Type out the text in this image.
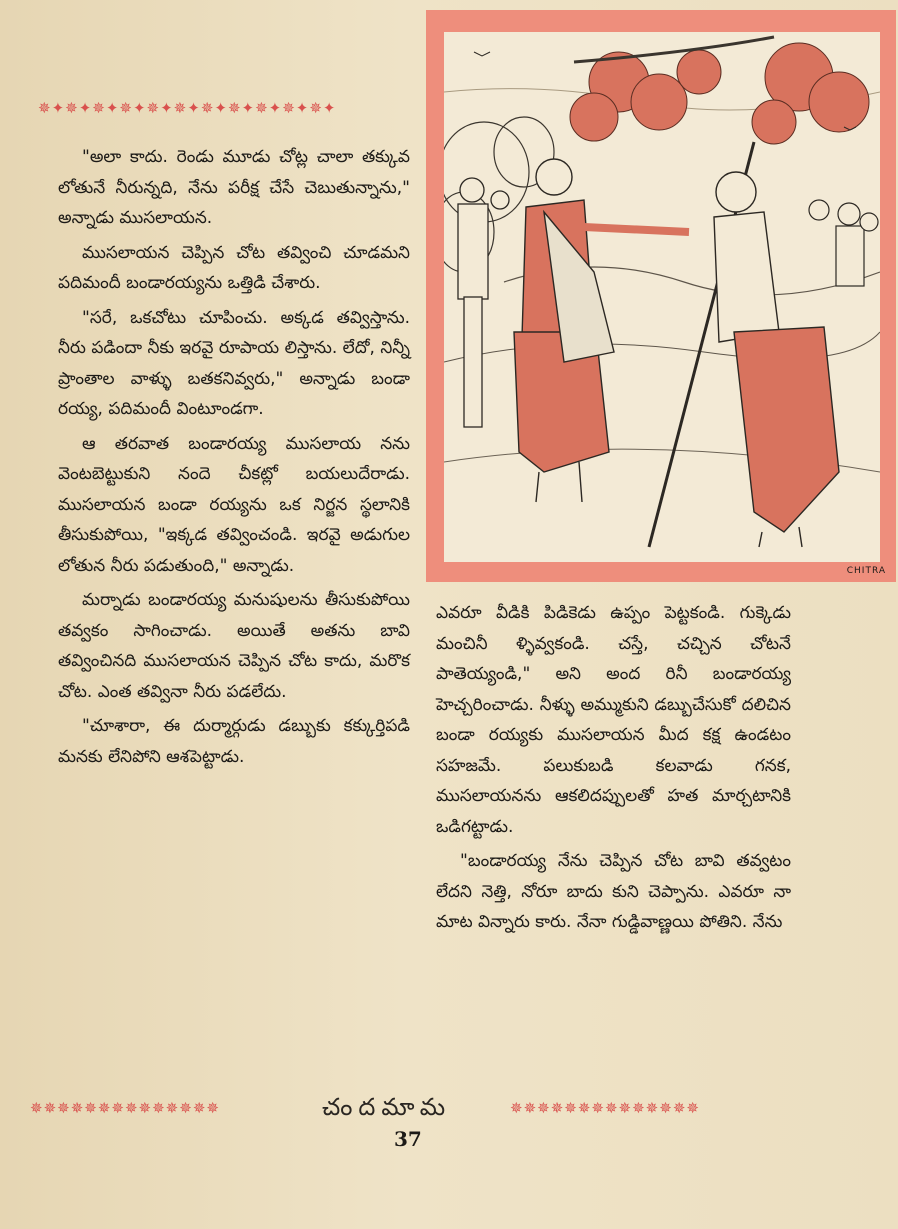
✵✦✵✦✵✦✵✦✵✦✵✦✵✦✵✦✵✦✵✦✵✦

"అలా కాదు. రెండు మూడు చోట్ల చాలా తక్కువ లోతునే నీరున్నది, నేను పరీక్ష చేసే చెబుతున్నాను," అన్నాడు ముసలాయన.

ముసలాయన చెప్పిన చోట తవ్వించి చూడమని పదిమందీ బండారయ్యను ఒత్తిడి చేశారు.

"సరే, ఒకచోటు చూపించు. అక్కడ తవ్విస్తాను. నీరు పడిందా నీకు ఇరవై రూపాయ లిస్తాను. లేదో, నిన్నీ ప్రాంతాల వాళ్ళు బతకనివ్వరు," అన్నాడు బండా రయ్య, పదిమందీ వింటూండగా.

ఆ తరవాత బండారయ్య ముసలాయ నను వెంటబెట్టుకుని నందె చీకట్లో బయలుదేరాడు. ముసలాయన బండా రయ్యను ఒక నిర్జన స్థలానికి తీసుకుపోయి, "ఇక్కడ తవ్వించండి. ఇరవై అడుగుల లోతున నీరు పడుతుంది," అన్నాడు.

మర్నాడు బండారయ్య మనుషులను తీసుకుపోయి తవ్వకం సాగించాడు. అయితే అతను బావి తవ్వించినది ముసలాయన చెప్పిన చోట కాదు, మరొక చోట. ఎంత తవ్వినా నీరు పడలేదు.

"చూశారా, ఈ దుర్మార్గుడు డబ్బుకు కక్కుర్తిపడి మనకు లేనిపోని ఆశపెట్టాడు.

CHITRA

ఎవరూ వీడికి పిడికెడు ఉప్పం పెట్టకండి. గుక్కెడు మంచినీ ళ్ళివ్వకండి. చస్తే, చచ్చిన చోటనే పాతెయ్యండి," అని అంద రినీ బండారయ్య హెచ్చరించాడు. నీళ్ళు అమ్ముకుని డబ్బుచేసుకో దలిచిన బండా రయ్యకు ముసలాయన మీద కక్ష ఉండటం సహజమే. పలుకుబడి కలవాడు గనక, ముసలాయనను ఆకలిదప్పులతో హత మార్చటానికి ఒడిగట్టాడు.

"బండారయ్య నేను చెప్పిన చోట బావి తవ్వటం లేదని నెత్తి, నోరూ బాదు కుని చెప్పాను. ఎవరూ నా మాట విన్నారు కారు. నేనా గుడ్డివాణ్ణయి పోతిని. నేను

✵✵✵✵✵✵✵✵✵✵✵✵✵✵	చందమామ	✵✵✵✵✵✵✵✵✵✵✵✵✵✵
37
